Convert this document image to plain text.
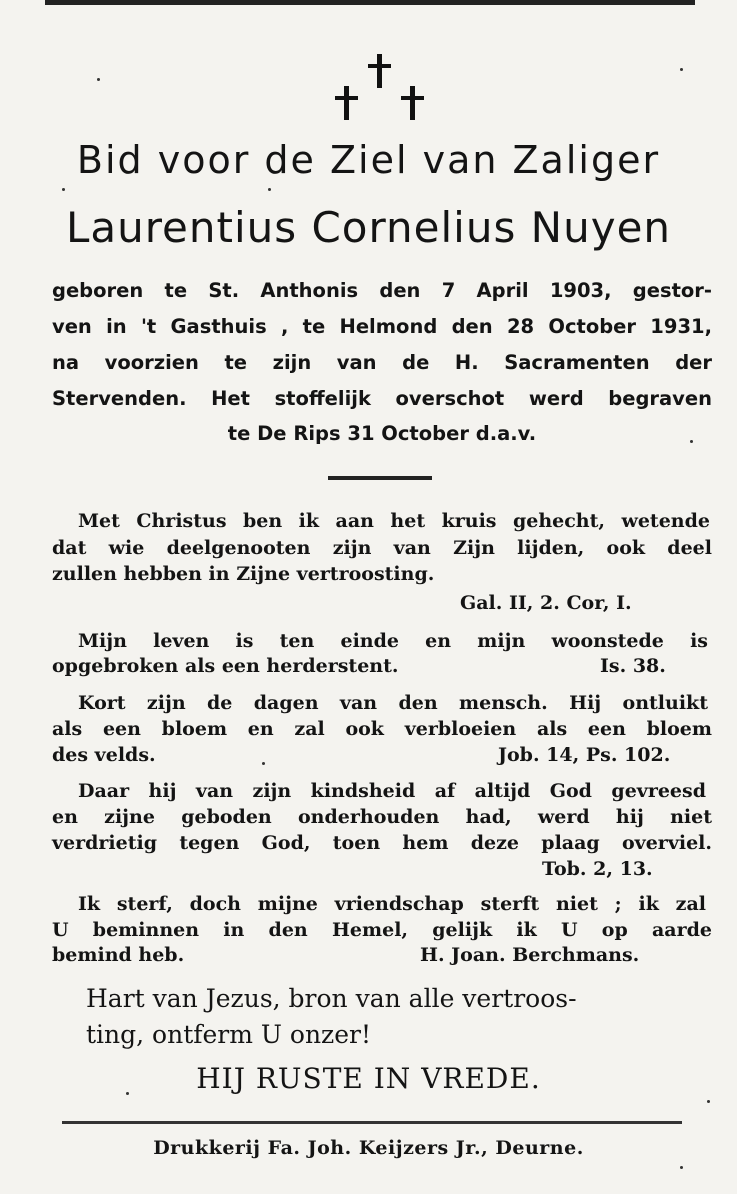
Bid voor de Ziel van Zaliger
Laurentius Cornelius Nuyen
geboren te St. Anthonis den 7 April 1903, gestor-
ven in 't Gasthuis , te Helmond den 28 October 1931,
na voorzien te zijn van de H. Sacramenten der
Stervenden. Het stoffelijk overschot werd begraven
te De Rips 31 October d.a.v.
Met Christus ben ik aan het kruis gehecht, wetende
dat wie deelgenooten zijn van Zijn lijden, ook deel
zullen hebben in Zijne vertroosting.
Gal. II, 2. Cor, I.
Mijn leven is ten einde en mijn woonstede is
opgebroken als een herderstent.	Is. 38.
Kort zijn de dagen van den mensch. Hij ontluikt
als een bloem en zal ook verbloeien als een bloem
des velds.	Job. 14, Ps. 102.
Daar hij van zijn kindsheid af altijd God gevreesd
en zijne geboden onderhouden had, werd hij niet
verdrietig tegen God, toen hem deze plaag overviel.
Tob. 2, 13.
Ik sterf, doch mijne vriendschap sterft niet ; ik zal
U beminnen in den Hemel, gelijk ik U op aarde
bemind heb.	H. Joan. Berchmans.
Hart van Jezus, bron van alle vertroos-
ting, ontferm U onzer!
HIJ RUSTE IN VREDE.
Drukkerij Fa. Joh. Keijzers Jr., Deurne.
